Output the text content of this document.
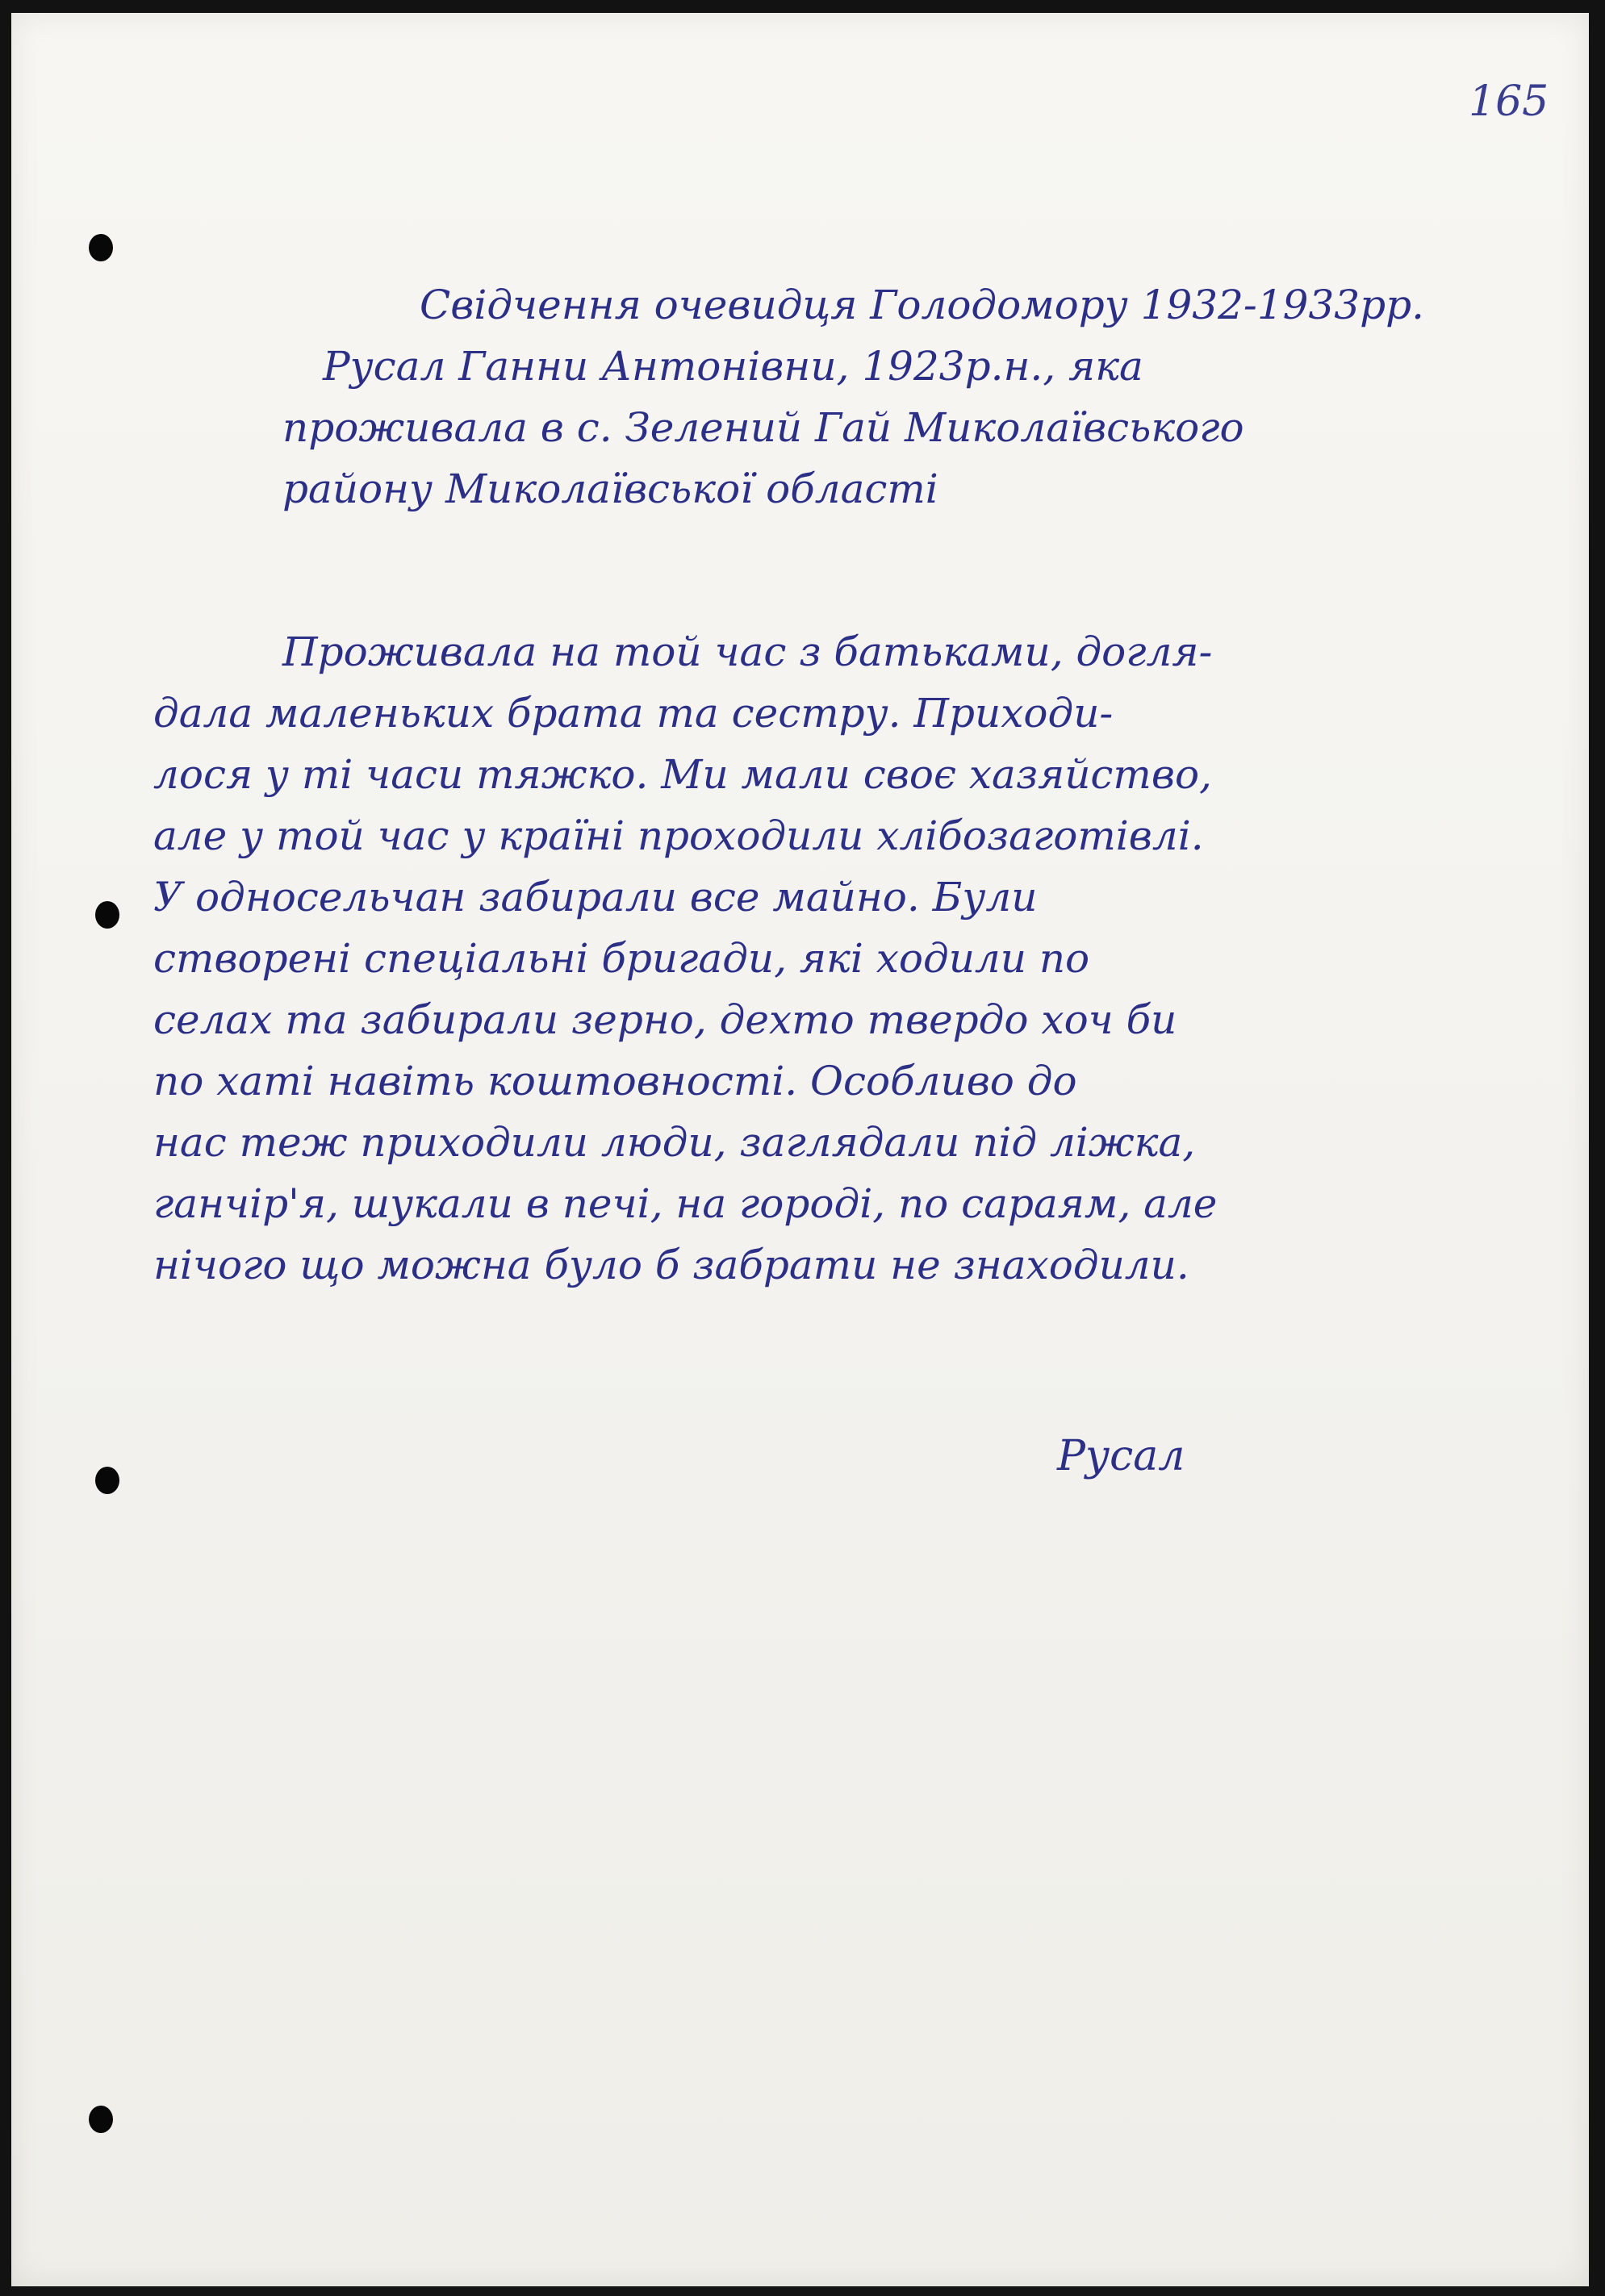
165
Свідчення очевидця Голодомору 1932-1933рр.
Русал Ганни Антонівни, 1923р.н., яка
проживала в с. Зелений Гай Миколаївського
району Миколаївської області
Проживала на той час з батьками, догля-
дала маленьких брата та сестру. Приходи-
лося у ті часи тяжко. Ми мали своє хазяйство,
але у той час у країні проходили хлібозаготівлі.
У односельчан забирали все майно. Були
створені спеціальні бригади, які ходили по
селах та забирали зерно, дехто твердо хоч би
по хаті навіть коштовності. Особливо до
нас теж приходили люди, заглядали під ліжка,
ганчір'я, шукали в печі, на городі, по сараям, але
нічого що можна було б забрати не знаходили.
Русал
